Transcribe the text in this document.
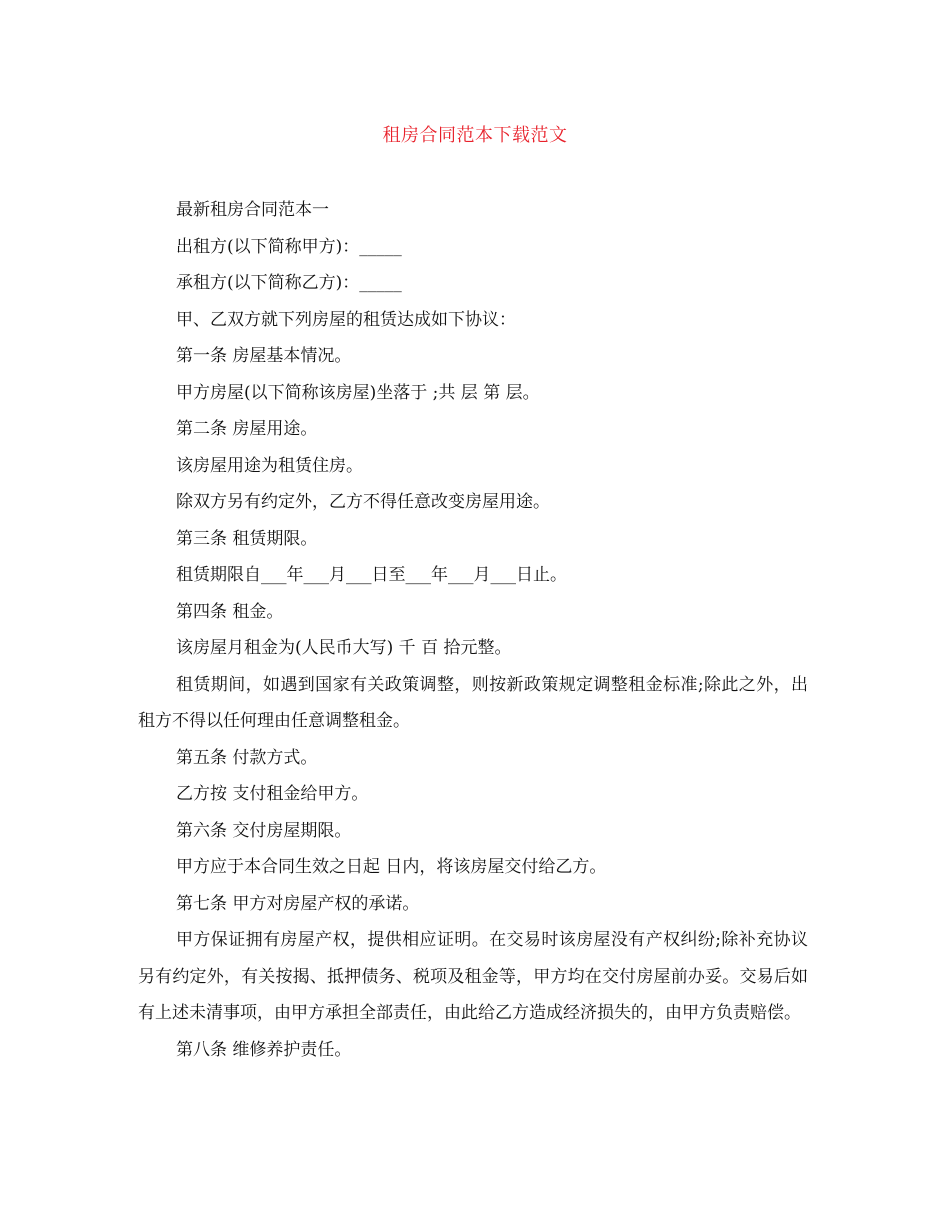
租房合同范本下载范文

最新租房合同范本一

出租方(以下简称甲方)：_____

承租方(以下简称乙方)：_____

甲、乙双方就下列房屋的租赁达成如下协议：

第一条 房屋基本情况。

甲方房屋(以下简称该房屋)坐落于 ;共 层 第 层。

第二条 房屋用途。

该房屋用途为租赁住房。

除双方另有约定外，乙方不得任意改变房屋用途。

第三条 租赁期限。

租赁期限自___年___月___日至___年___月___日止。

第四条 租金。

该房屋月租金为(人民币大写) 千 百 拾元整。

租赁期间，如遇到国家有关政策调整，则按新政策规定调整租金标准;除此之外，出租方不得以任何理由任意调整租金。

第五条 付款方式。

乙方按 支付租金给甲方。

第六条 交付房屋期限。

甲方应于本合同生效之日起 日内，将该房屋交付给乙方。

第七条 甲方对房屋产权的承诺。

甲方保证拥有房屋产权，提供相应证明。在交易时该房屋没有产权纠纷;除补充协议另有约定外，有关按揭、抵押债务、税项及租金等，甲方均在交付房屋前办妥。交易后如有上述未清事项，由甲方承担全部责任，由此给乙方造成经济损失的，由甲方负责赔偿。

第八条 维修养护责任。
